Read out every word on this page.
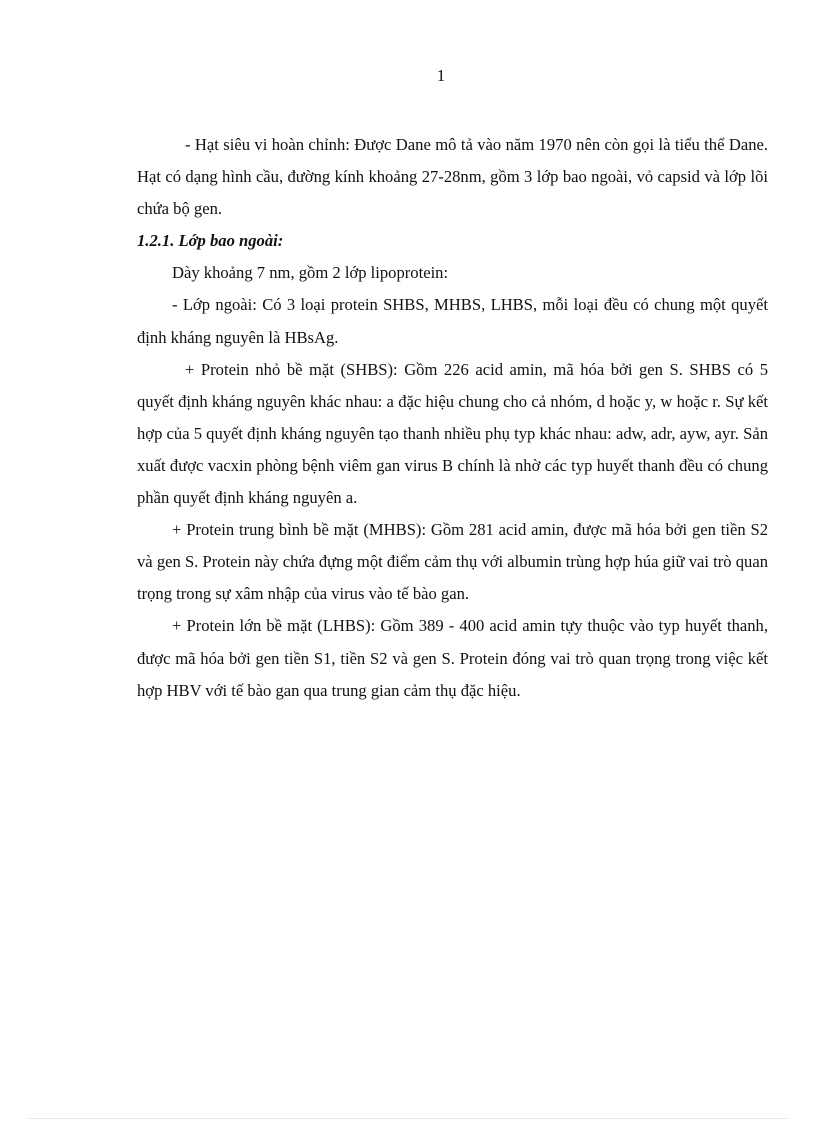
1

- Hạt siêu vi hoàn chỉnh: Được Dane mô tả vào năm 1970 nên còn gọi là tiểu thể Dane. Hạt có dạng hình cầu, đường kính khoảng 27-28nm, gồm 3 lớp bao ngoài, vỏ capsid và lớp lõi chứa bộ gen.

1.2.1. Lớp bao ngoài:

Dày khoảng 7 nm, gồm 2 lớp lipoprotein:

- Lớp ngoài: Có 3 loại protein SHBS, MHBS, LHBS, mỗi loại đều có chung một quyết định kháng nguyên là HBsAg.

+ Protein nhỏ bề mặt (SHBS): Gồm 226 acid amin, mã hóa bởi gen S. SHBS có 5 quyết định kháng nguyên khác nhau: a đặc hiệu chung cho cả nhóm, d hoặc y, w hoặc r. Sự kết hợp của 5 quyết định kháng nguyên tạo thanh nhiều phụ typ khác nhau: adw, adr, ayw, ayr. Sản xuất được vacxin phòng bệnh viêm gan virus B chính là nhờ các typ huyết thanh đều có chung phần quyết định kháng nguyên a.

+ Protein trung bình bề mặt (MHBS): Gồm 281 acid amin, được mã hóa bởi gen tiền S2 và gen S. Protein này chứa đựng một điểm cảm thụ với albumin trùng hợp húa giữ vai trò quan trọng trong sự xâm nhập của virus vào tế bào gan.

+ Protein lớn bề mặt (LHBS): Gồm 389 - 400 acid amin tựy thuộc vào typ huyết thanh, được mã hóa bởi gen tiền S1, tiền S2 và gen S. Protein đóng vai trò quan trọng trong việc kết hợp HBV với tế bào gan qua trung gian cảm thụ đặc hiệu.
